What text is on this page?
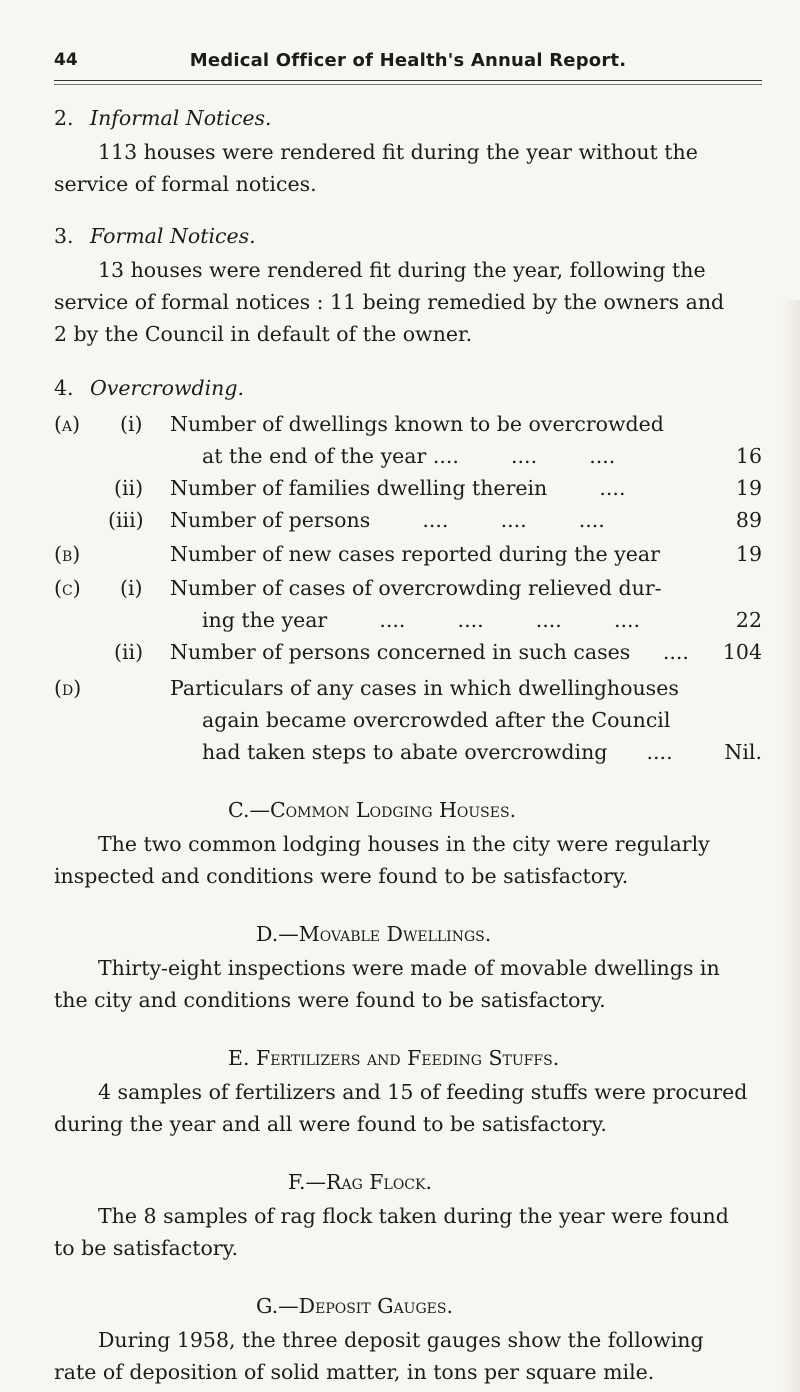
44	Medical Officer of Health's Annual Report.
2. Informal Notices.
113 houses were rendered fit during the year without the
service of formal notices.
3. Formal Notices.
13 houses were rendered fit during the year, following the
service of formal notices : 11 being remedied by the owners and
2 by the Council in default of the owner.
4. Overcrowding.
(a) (i) Number of dwellings known to be overcrowded
at the end of the year ....        ....        ....	16
(ii) Number of families dwelling therein        ....	19
(iii) Number of persons        ....        ....        ....	89
(b)	Number of new cases reported during the year	19
(c) (i) Number of cases of overcrowding relieved dur-
ing the year        ....        ....        ....        ....	22
(ii) Number of persons concerned in such cases     ....	104
(d)	Particulars of any cases in which dwellinghouses
again became overcrowded after the Council
had taken steps to abate overcrowding      ....	Nil.
C.—Common Lodging Houses.
The two common lodging houses in the city were regularly
inspected and conditions were found to be satisfactory.
D.—Movable Dwellings.
Thirty-eight inspections were made of movable dwellings in
the city and conditions were found to be satisfactory.
E. Fertilizers and Feeding Stuffs.
4 samples of fertilizers and 15 of feeding stuffs were procured
during the year and all were found to be satisfactory.
F.—Rag Flock.
The 8 samples of rag flock taken during the year were found
to be satisfactory.
G.—Deposit Gauges.
During 1958, the three deposit gauges show the following
rate of deposition of solid matter, in tons per square mile.
